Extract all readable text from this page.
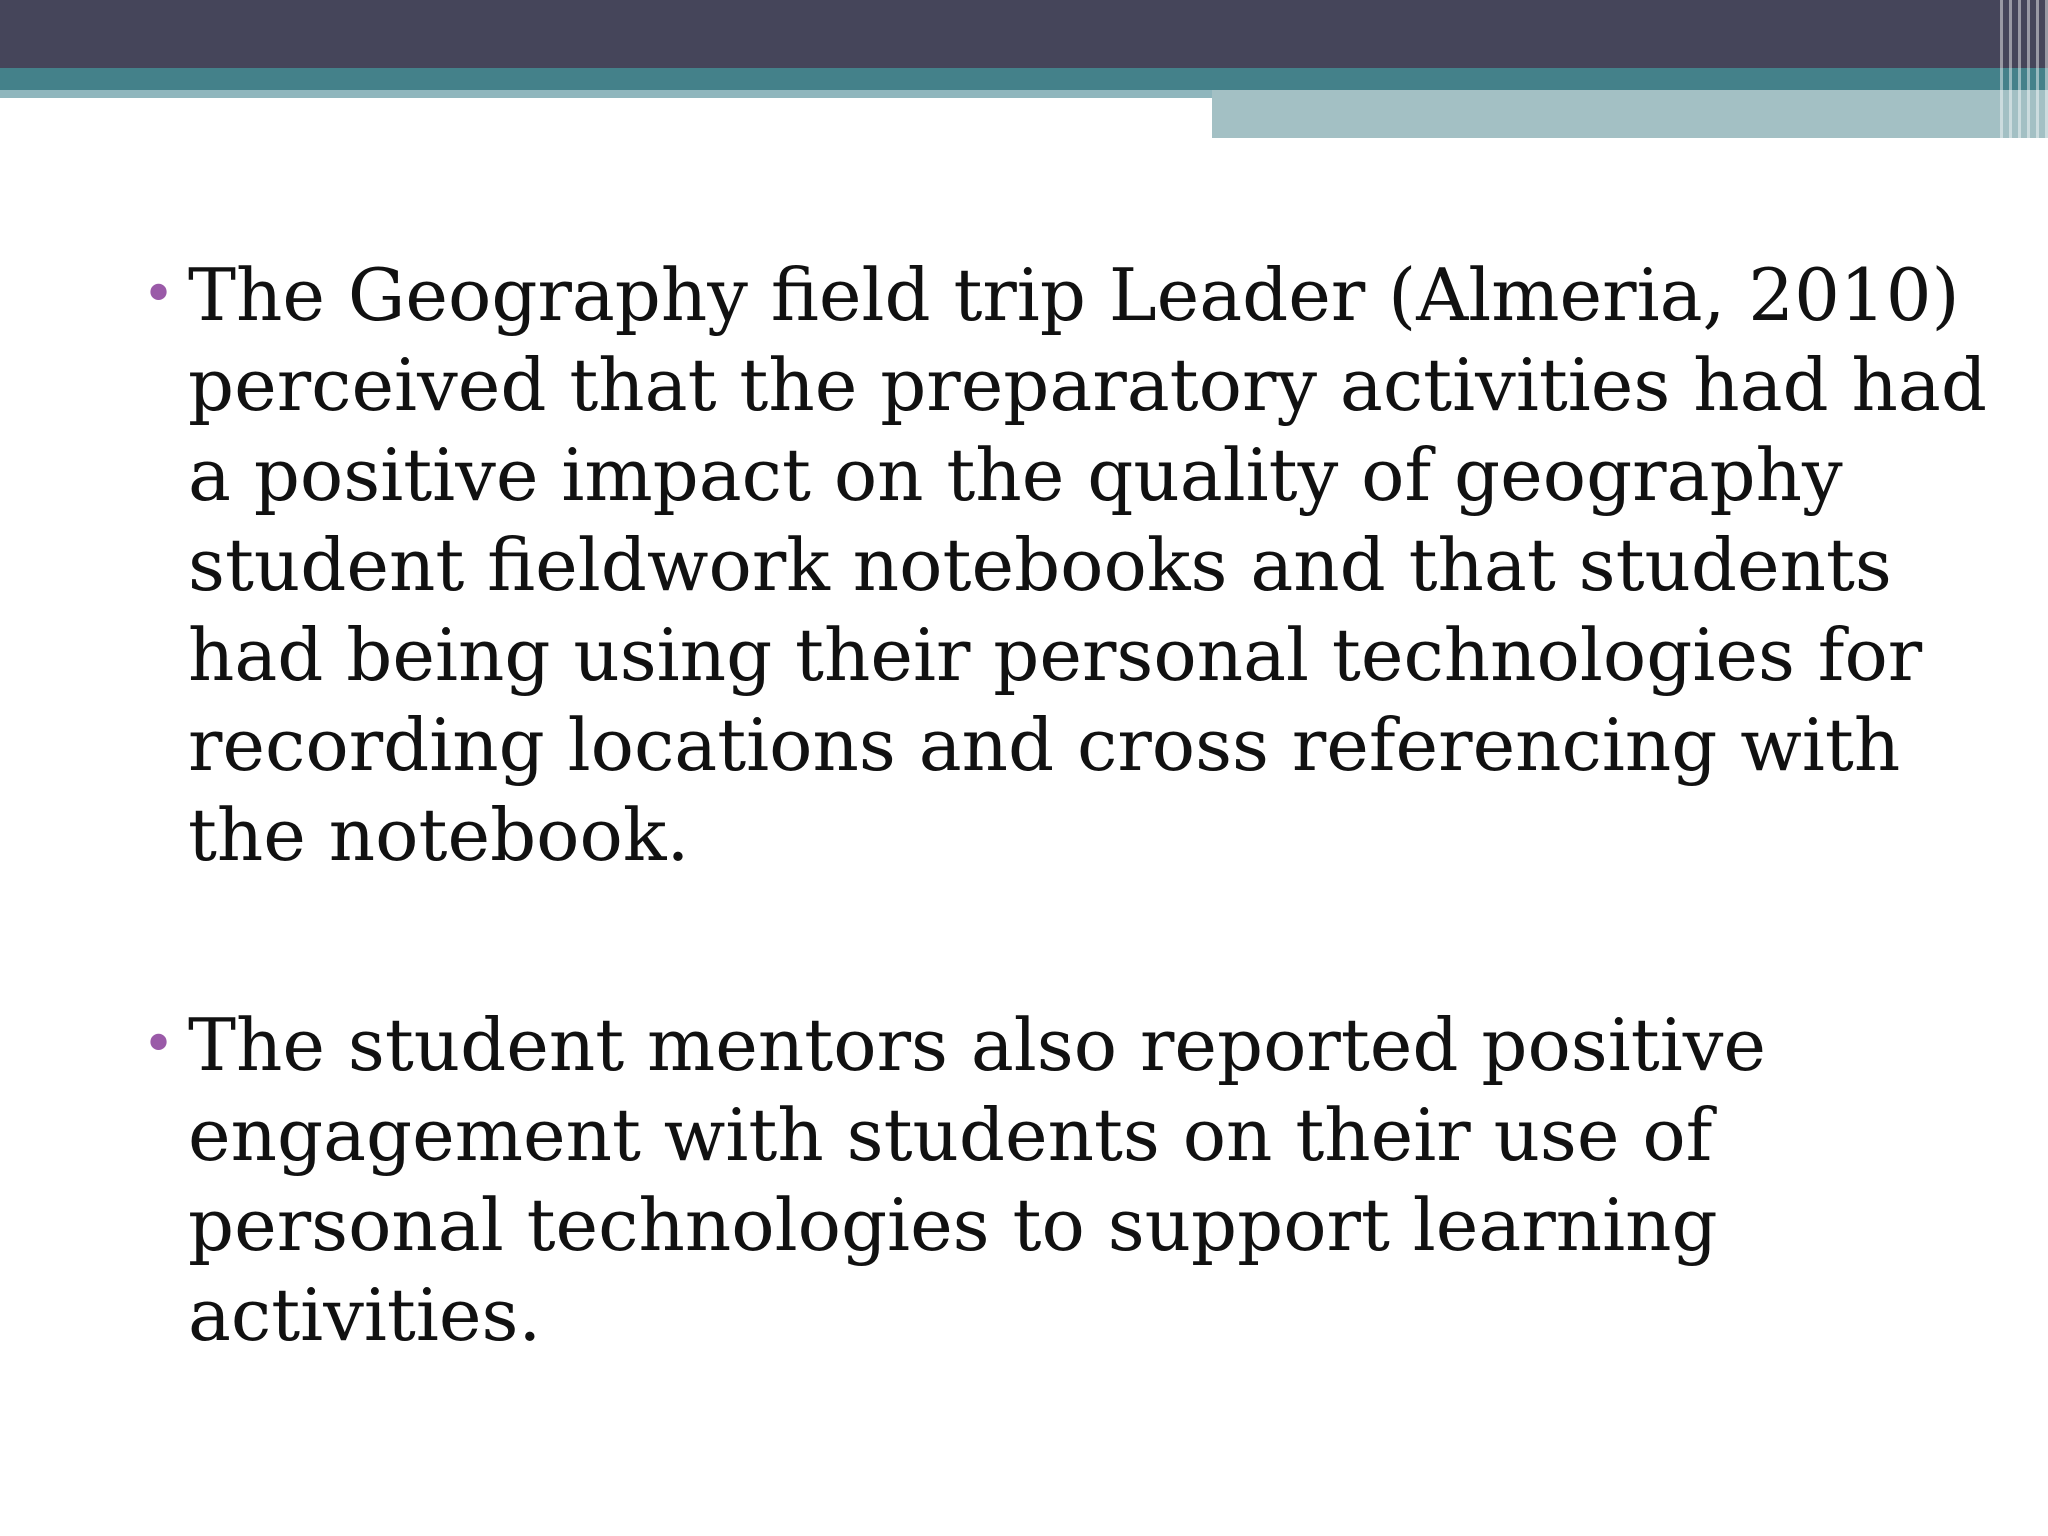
• The Geography field trip Leader (Almeria, 2010) perceived that the preparatory activities had had a positive impact on the quality of geography student fieldwork notebooks and that students had being using their personal technologies for recording locations and cross referencing with the notebook.
• The student mentors also reported positive engagement with students on their use of personal technologies to support learning activities.
